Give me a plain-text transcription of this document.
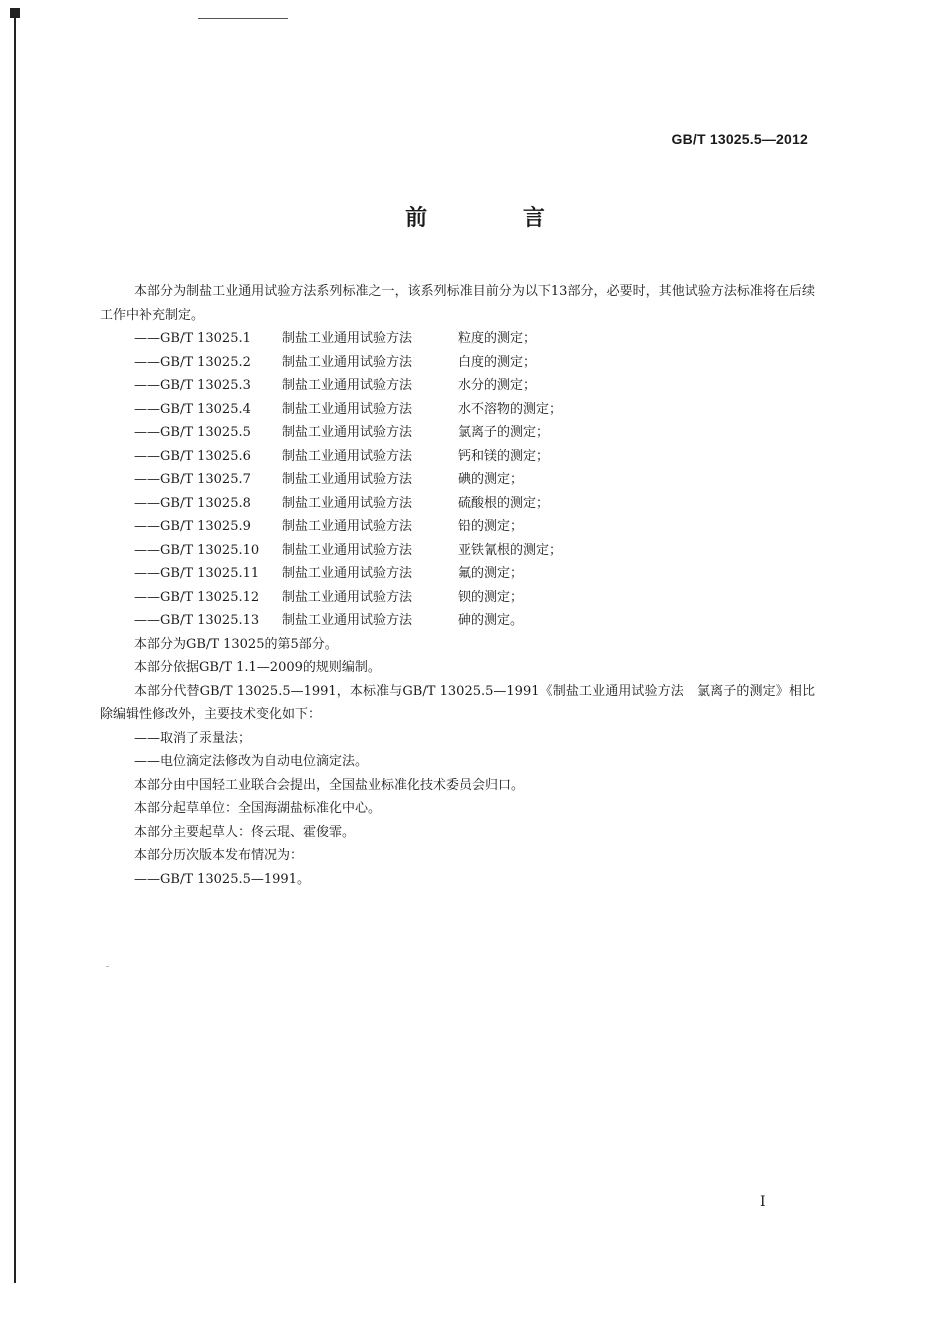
GB/T 13025.5—2012
前 言

本部分为制盐工业通用试验方法系列标准之一，该系列标准目前分为以下13部分，必要时，其他试验方法标准将在后续工作中补充制定。

——GB/T 13025.1 制盐工业通用试验方法	粒度的测定；

——GB/T 13025.2 制盐工业通用试验方法	白度的测定；

——GB/T 13025.3 制盐工业通用试验方法	水分的测定；

——GB/T 13025.4 制盐工业通用试验方法	水不溶物的测定；

——GB/T 13025.5 制盐工业通用试验方法	氯离子的测定；

——GB/T 13025.6 制盐工业通用试验方法	钙和镁的测定；

——GB/T 13025.7 制盐工业通用试验方法	碘的测定；

——GB/T 13025.8 制盐工业通用试验方法	硫酸根的测定；

——GB/T 13025.9 制盐工业通用试验方法	铅的测定；

——GB/T 13025.10 制盐工业通用试验方法	亚铁氰根的测定；

——GB/T 13025.11 制盐工业通用试验方法	氟的测定；

——GB/T 13025.12 制盐工业通用试验方法	钡的测定；

——GB/T 13025.13 制盐工业通用试验方法	砷的测定。

本部分为GB/T 13025的第5部分。

本部分依据GB/T 1.1—2009的规则编制。

本部分代替GB/T 13025.5—1991，本标准与GB/T 13025.5—1991《制盐工业通用试验方法　氯离子的测定》相比除编辑性修改外，主要技术变化如下：

——取消了汞量法；

——电位滴定法修改为自动电位滴定法。

本部分由中国轻工业联合会提出，全国盐业标准化技术委员会归口。

本部分起草单位：全国海湖盐标准化中心。

本部分主要起草人：佟云琨、霍俊霏。

本部分历次版本发布情况为：

——GB/T 13025.5—1991。

I
